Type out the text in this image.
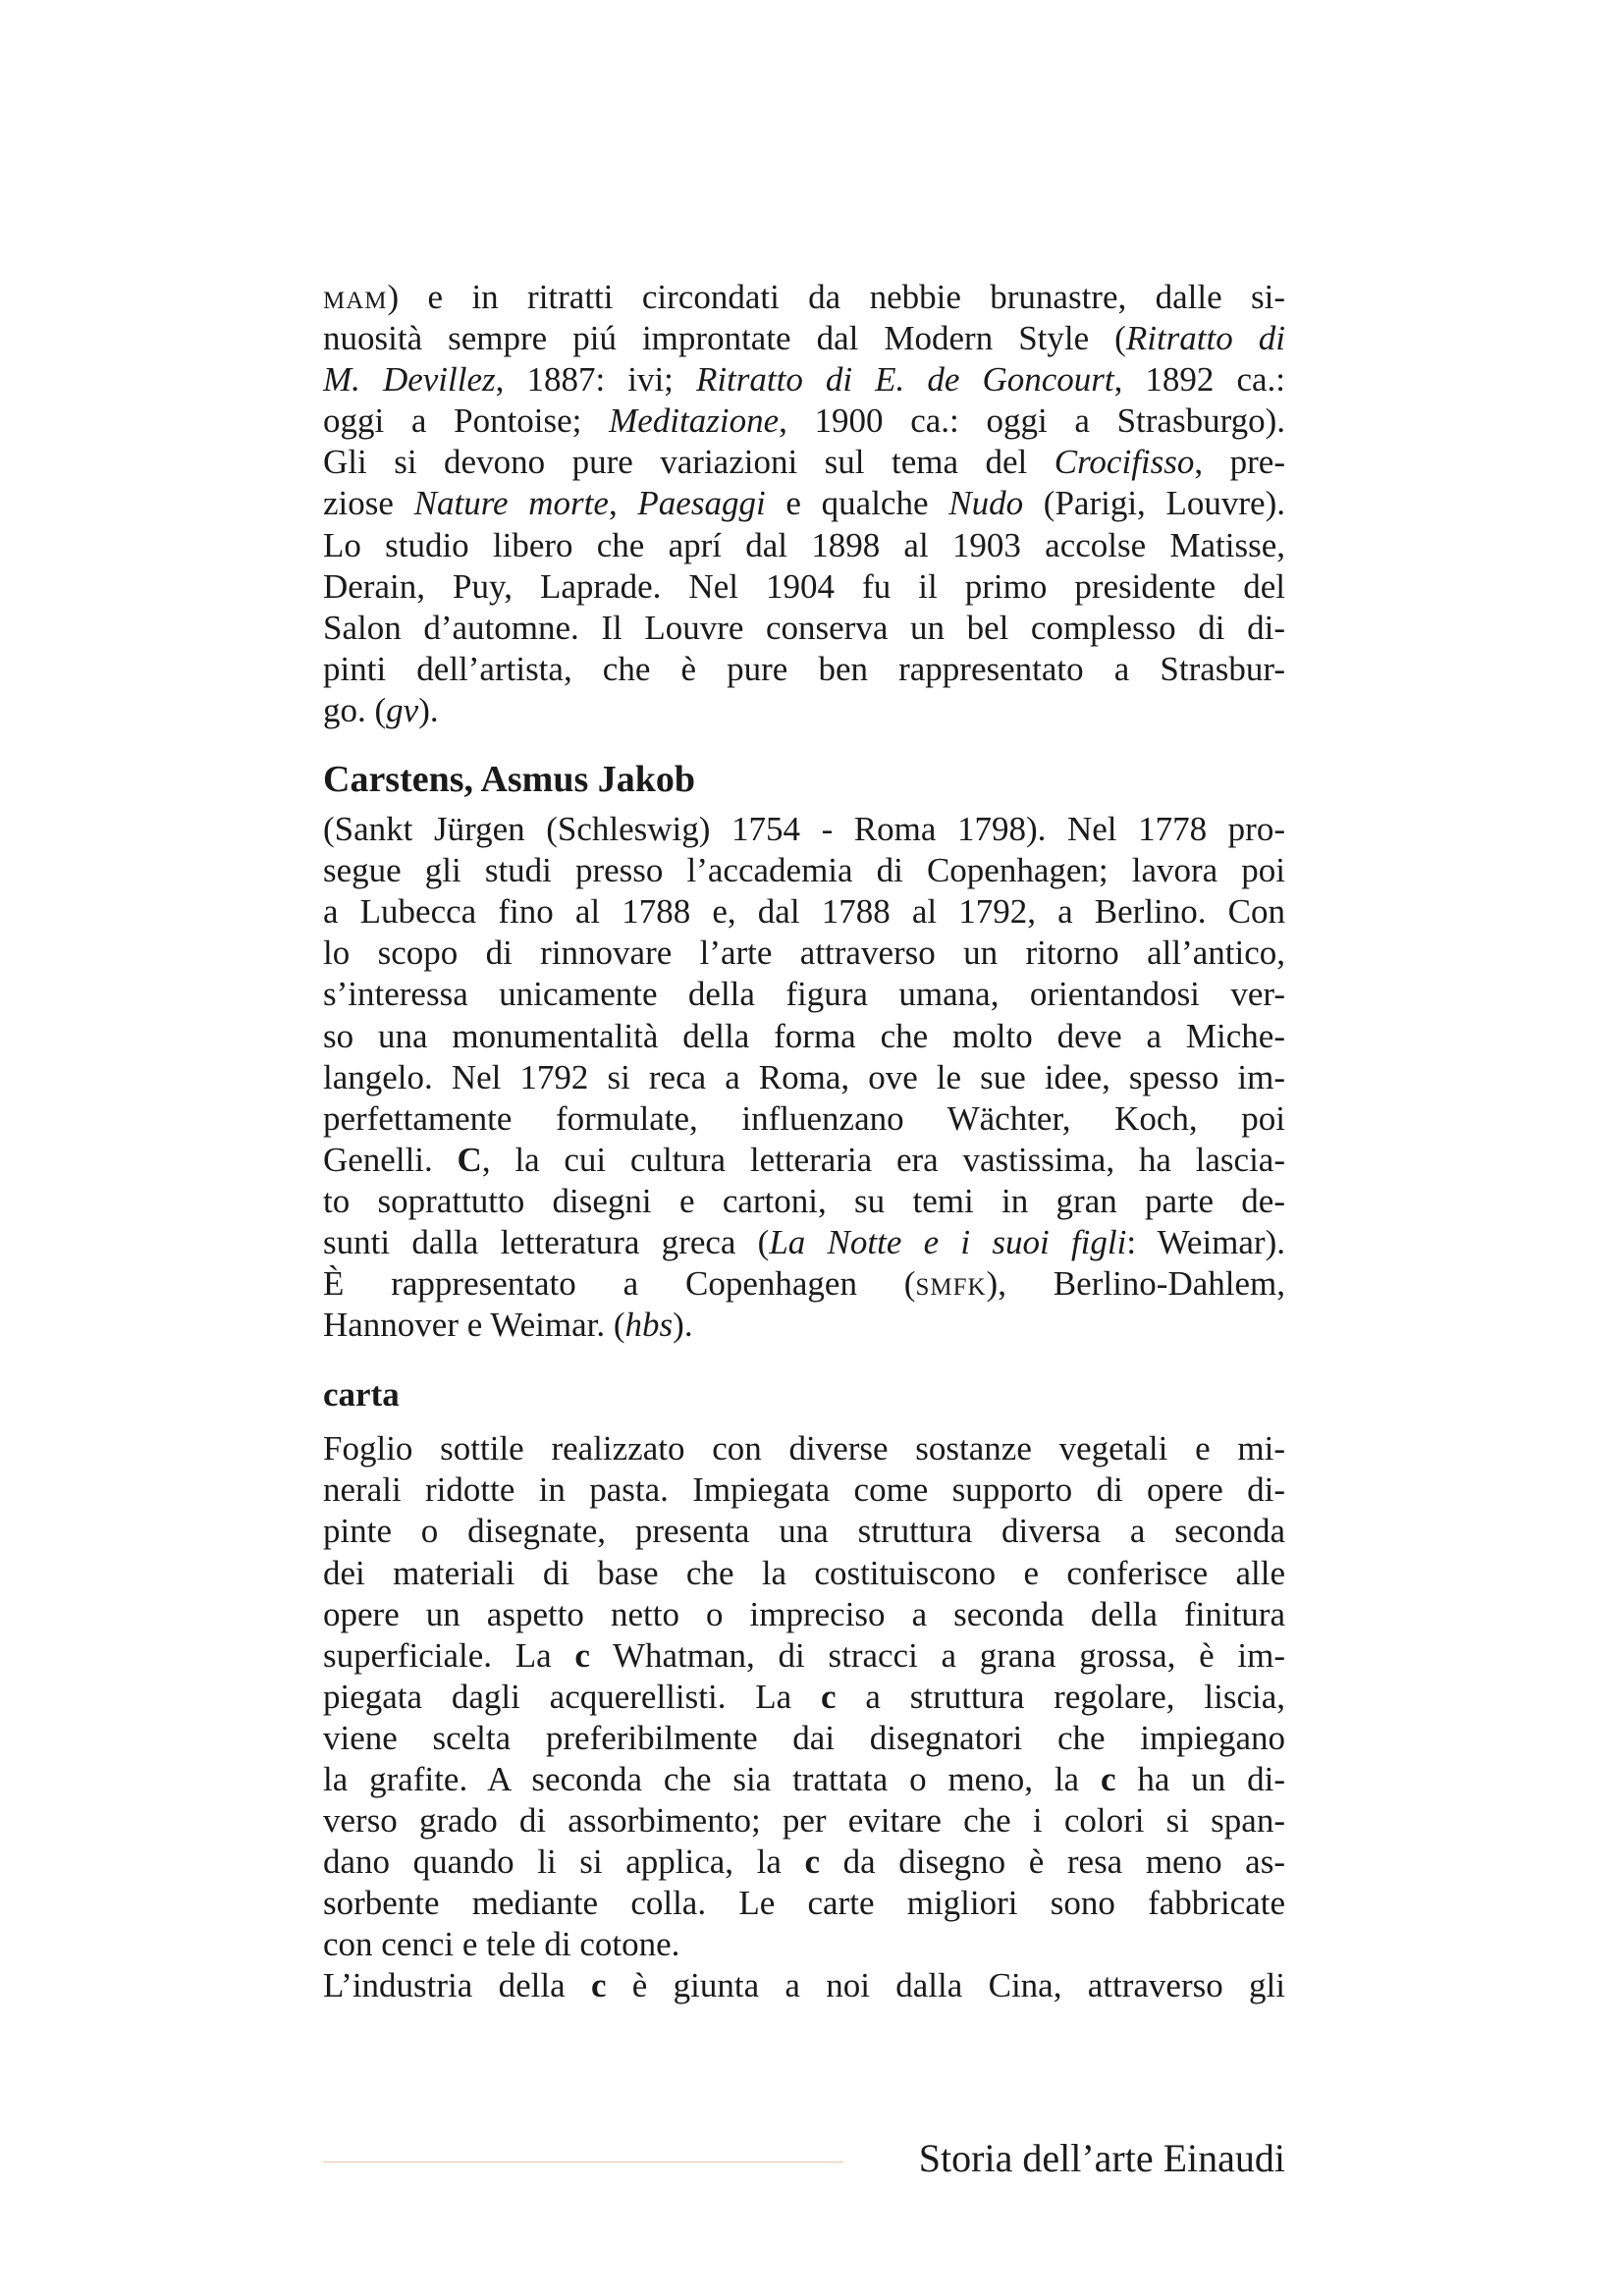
mam) e in ritratti circondati da nebbie brunastre, dalle si-
nuosità sempre piú improntate dal Modern Style (Ritratto di
M. Devillez, 1887: ivi; Ritratto di E. de Goncourt, 1892 ca.:
oggi a Pontoise; Meditazione, 1900 ca.: oggi a Strasburgo).
Gli si devono pure variazioni sul tema del Crocifisso, pre-
ziose Nature morte, Paesaggi e qualche Nudo (Parigi, Louvre).
Lo studio libero che aprí dal 1898 al 1903 accolse Matisse,
Derain, Puy, Laprade. Nel 1904 fu il primo presidente del
Salon d’automne. Il Louvre conserva un bel complesso di di-
pinti dell’artista, che è pure ben rappresentato a Strasbur-
go. (gv).
Carstens, Asmus Jakob
(Sankt Jürgen (Schleswig) 1754 - Roma 1798). Nel 1778 pro-
segue gli studi presso l’accademia di Copenhagen; lavora poi
a Lubecca fino al 1788 e, dal 1788 al 1792, a Berlino. Con
lo scopo di rinnovare l’arte attraverso un ritorno all’antico,
s’interessa unicamente della figura umana, orientandosi ver-
so una monumentalità della forma che molto deve a Miche-
langelo. Nel 1792 si reca a Roma, ove le sue idee, spesso im-
perfettamente formulate, influenzano Wächter, Koch, poi
Genelli. C, la cui cultura letteraria era vastissima, ha lascia-
to soprattutto disegni e cartoni, su temi in gran parte de-
sunti dalla letteratura greca (La Notte e i suoi figli: Weimar).
È rappresentato a Copenhagen (smfk), Berlino-Dahlem,
Hannover e Weimar. (hbs).
carta
Foglio sottile realizzato con diverse sostanze vegetali e mi-
nerali ridotte in pasta. Impiegata come supporto di opere di-
pinte o disegnate, presenta una struttura diversa a seconda
dei materiali di base che la costituiscono e conferisce alle
opere un aspetto netto o impreciso a seconda della finitura
superficiale. La c Whatman, di stracci a grana grossa, è im-
piegata dagli acquerellisti. La c a struttura regolare, liscia,
viene scelta preferibilmente dai disegnatori che impiegano
la grafite. A seconda che sia trattata o meno, la c ha un di-
verso grado di assorbimento; per evitare che i colori si span-
dano quando li si applica, la c da disegno è resa meno as-
sorbente mediante colla. Le carte migliori sono fabbricate
con cenci e tele di cotone.
L’industria della c è giunta a noi dalla Cina, attraverso gli
Storia dell’arte Einaudi
